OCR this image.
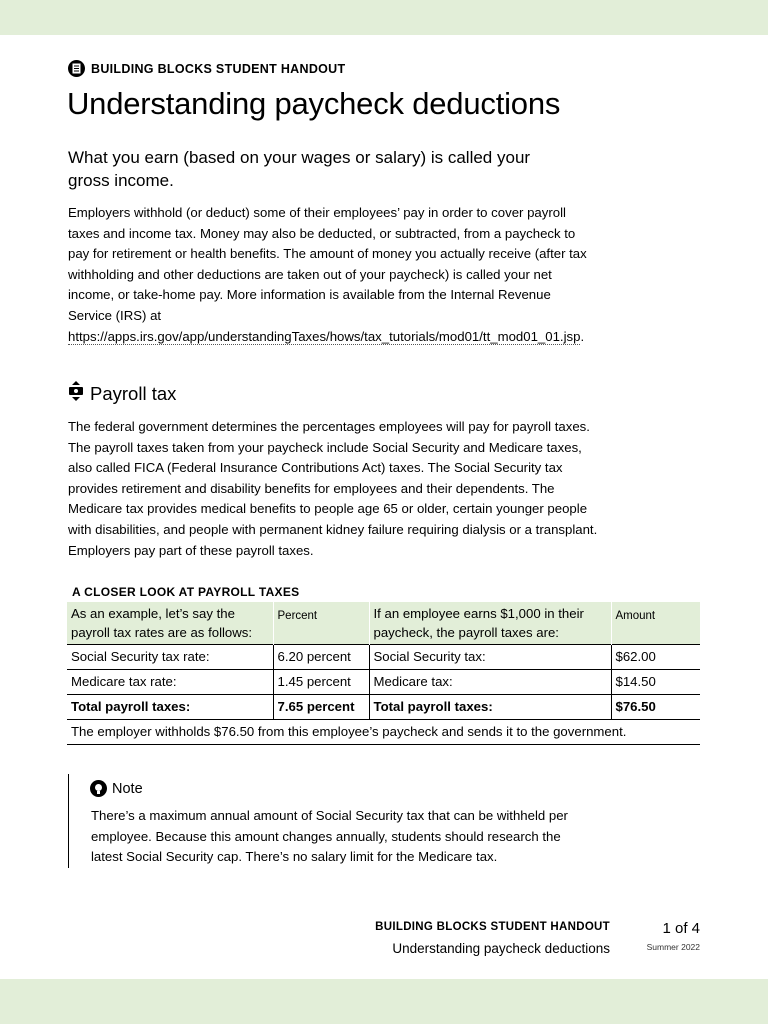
BUILDING BLOCKS STUDENT HANDOUT
Understanding paycheck deductions

What you earn (based on your wages or salary) is called your gross income.

Employers withhold (or deduct) some of their employees’ pay in order to cover payroll taxes and income tax. Money may also be deducted, or subtracted, from a paycheck to pay for retirement or health benefits. The amount of money you actually receive (after tax withholding and other deductions are taken out of your paycheck) is called your net income, or take-home pay. More information is available from the Internal Revenue Service (IRS) at https://apps.irs.gov/app/understandingTaxes/hows/tax_tutorials/mod01/tt_mod01_01.jsp.

Payroll tax

The federal government determines the percentages employees will pay for payroll taxes. The payroll taxes taken from your paycheck include Social Security and Medicare taxes, also called FICA (Federal Insurance Contributions Act) taxes. The Social Security tax provides retirement and disability benefits for employees and their dependents. The Medicare tax provides medical benefits to people age 65 or older, certain younger people with disabilities, and people with permanent kidney failure requiring dialysis or a transplant. Employers pay part of these payroll taxes.

A CLOSER LOOK AT PAYROLL TAXES
As an example, let’s say the payroll tax rates are as follows:	Percent	If an employee earns $1,000 in their paycheck, the payroll taxes are:	Amount
Social Security tax rate:	6.20 percent	Social Security tax:	$62.00
Medicare tax rate:	1.45 percent	Medicare tax:	$14.50
Total payroll taxes:	7.65 percent	Total payroll taxes:	$76.50
The employer withholds $76.50 from this employee’s paycheck and sends it to the government.			
Note

There’s a maximum annual amount of Social Security tax that can be withheld per employee. Because this amount changes annually, students should research the latest Social Security cap. There’s no salary limit for the Medicare tax.

BUILDING BLOCKS STUDENT HANDOUT
Understanding paycheck deductions
1 of 4
Summer 2022
